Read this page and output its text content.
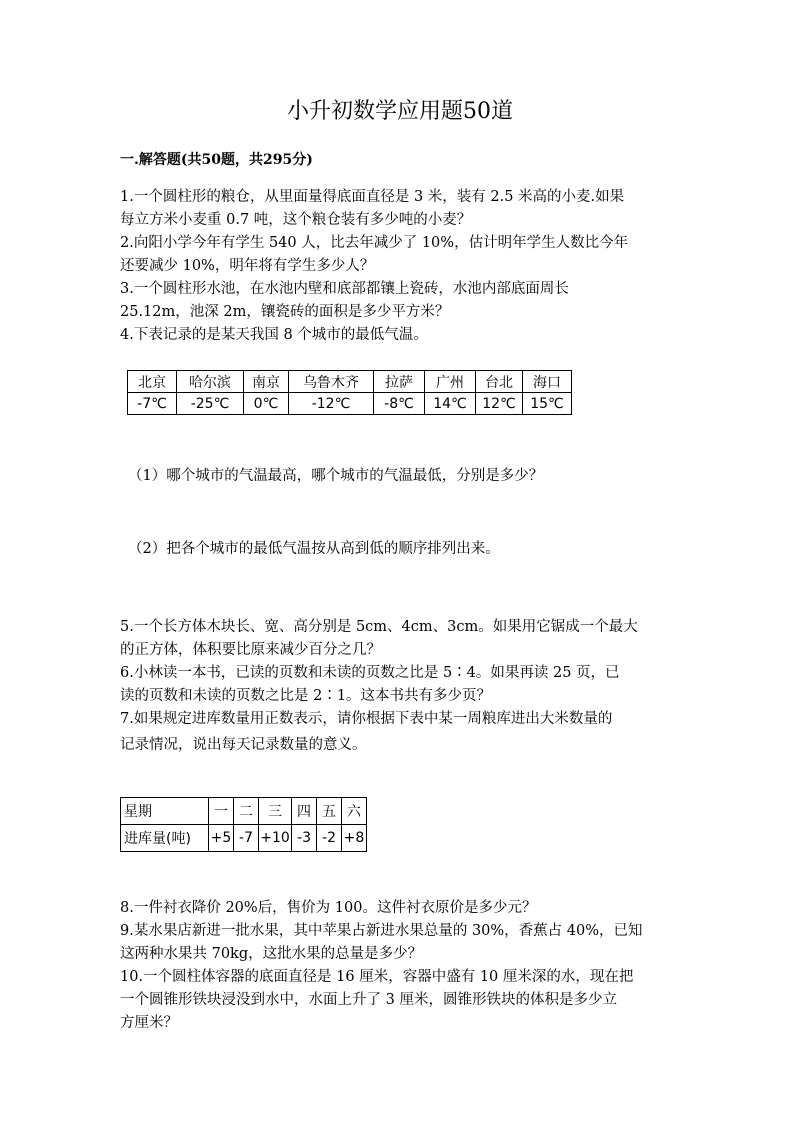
小升初数学应用题50道
一.解答题(共50题，共295分)

1.一个圆柱形的粮仓，从里面量得底面直径是 3 米，装有 2.5 米高的小麦.如果

每立方米小麦重 0.7 吨，这个粮仓装有多少吨的小麦？

2.向阳小学今年有学生 540 人，比去年减少了 10%，估计明年学生人数比今年

还要减少 10%，明年将有学生多少人？

3.一个圆柱形水池，在水池内壁和底部都镶上瓷砖，水池内部底面周长

25.12m，池深 2m，镶瓷砖的面积是多少平方米？

4.下表记录的是某天我国 8 个城市的最低气温。

北京	哈尔滨	南京	乌鲁木齐	拉萨	广州	台北	海口
-7℃	-25℃	0℃	-12℃	-8℃	14℃	12℃	15℃
（1）哪个城市的气温最高，哪个城市的气温最低，分别是多少？
（2）把各个城市的最低气温按从高到低的顺序排列出来。

5.一个长方体木块长、宽、高分别是 5cm、4cm、3cm。如果用它锯成一个最大

的正方体，体积要比原来减少百分之几？

6.小林读一本书，已读的页数和未读的页数之比是 5∶4。如果再读 25 页，已

读的页数和未读的页数之比是 2∶1。这本书共有多少页？

7.如果规定进库数量用正数表示，请你根据下表中某一周粮库进出大米数量的

记录情况，说出每天记录数量的意义。
星期	一	二	三	四	五	六
进库量(吨)	+5	-7	+10	-3	-2	+8

8.一件衬衣降价 20%后，售价为 100。这件衬衣原价是多少元？

9.某水果店新进一批水果，其中苹果占新进水果总量的 30%，香蕉占 40%，已知

这两种水果共 70kg，这批水果的总量是多少？

10.一个圆柱体容器的底面直径是 16 厘米，容器中盛有 10 厘米深的水，现在把

一个圆锥形铁块浸没到水中，水面上升了 3 厘米，圆锥形铁块的体积是多少立

方厘米？
